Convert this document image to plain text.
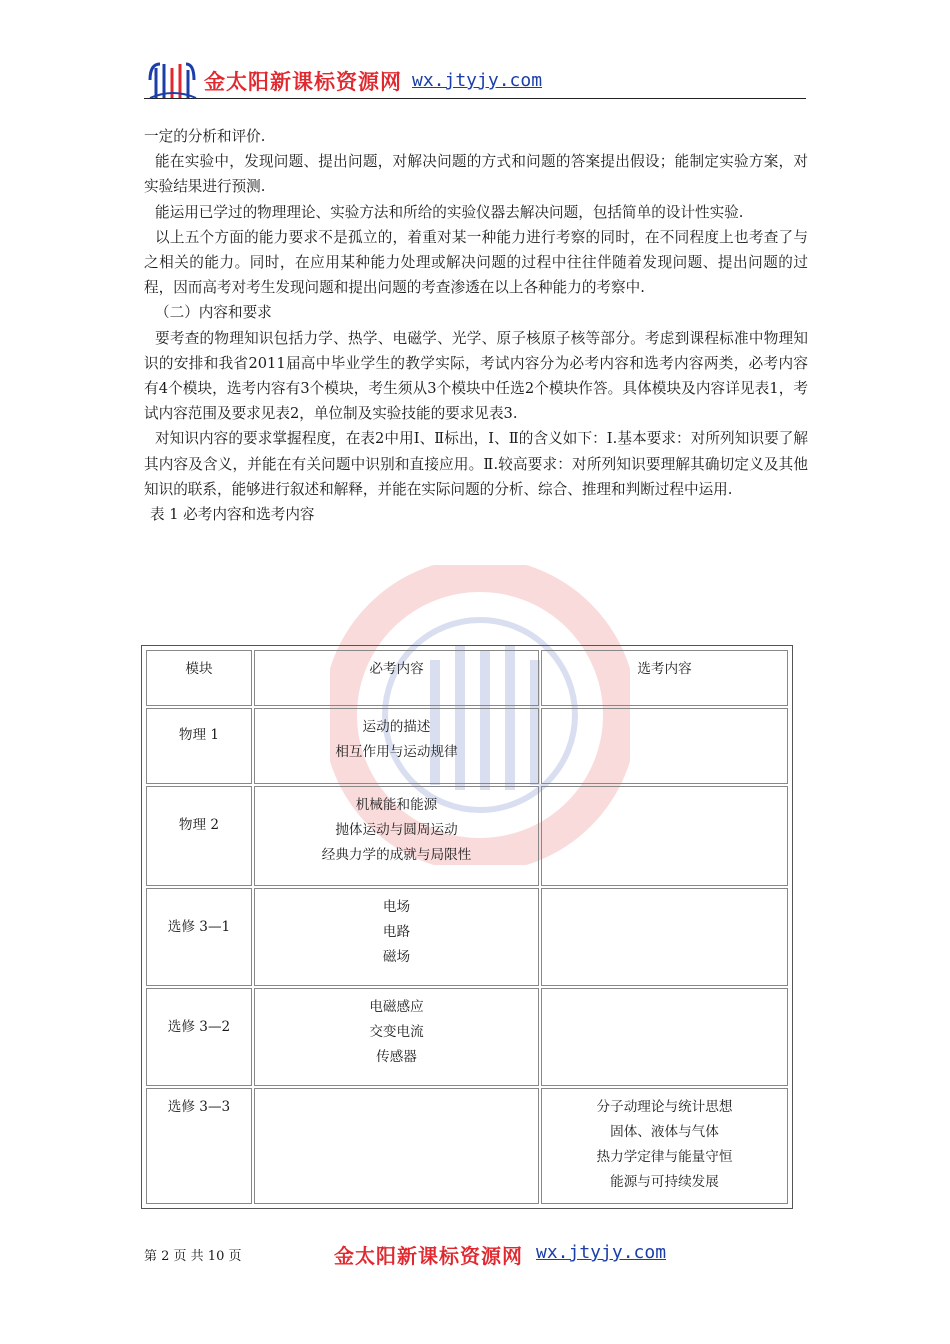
金太阳新课标资源网 wx.jtyjy.com

一定的分析和评价.

能在实验中，发现问题、提出问题，对解决问题的方式和问题的答案提出假设；能制定实验方案，对实验结果进行预测.

能运用已学过的物理理论、实验方法和所给的实验仪器去解决问题，包括简单的设计性实验.

以上五个方面的能力要求不是孤立的，着重对某一种能力进行考察的同时，在不同程度上也考查了与之相关的能力。同时，在应用某种能力处理或解决问题的过程中往往伴随着发现问题、提出问题的过程，因而高考对考生发现问题和提出问题的考查渗透在以上各种能力的考察中.

（二）内容和要求

要考查的物理知识包括力学、热学、电磁学、光学、原子核原子核等部分。考虑到课程标准中物理知识的安排和我省2011届高中毕业学生的教学实际，考试内容分为必考内容和选考内容两类，必考内容有4个模块，选考内容有3个模块，考生须从3个模块中任选2个模块作答。具体模块及内容详见表1，考试内容范围及要求见表2，单位制及实验技能的要求见表3.

对知识内容的要求掌握程度，在表2中用Ⅰ、Ⅱ标出，Ⅰ、Ⅱ的含义如下：Ⅰ.基本要求：对所列知识要了解其内容及含义，并能在有关问题中识别和直接应用。Ⅱ.较高要求：对所列知识要理解其确切定义及其他知识的联系，能够进行叙述和解释，并能在实际问题的分析、综合、推理和判断过程中运用.

表 1 必考内容和选考内容

模块	必考内容	选考内容

物理 1	运动的描述
相互作用与运动规律	

物理 2	机械能和能源
抛体运动与圆周运动
经典力学的成就与局限性	

选修 3—1	电场
电路
磁场	

选修 3—2	电磁感应
交变电流
传感器	

选修 3—3		分子动理论与统计思想
固体、液体与气体
热力学定律与能量守恒
能源与可持续发展
第 2 页 共 10 页	金太阳新课标资源网 wx.jtyjy.com
